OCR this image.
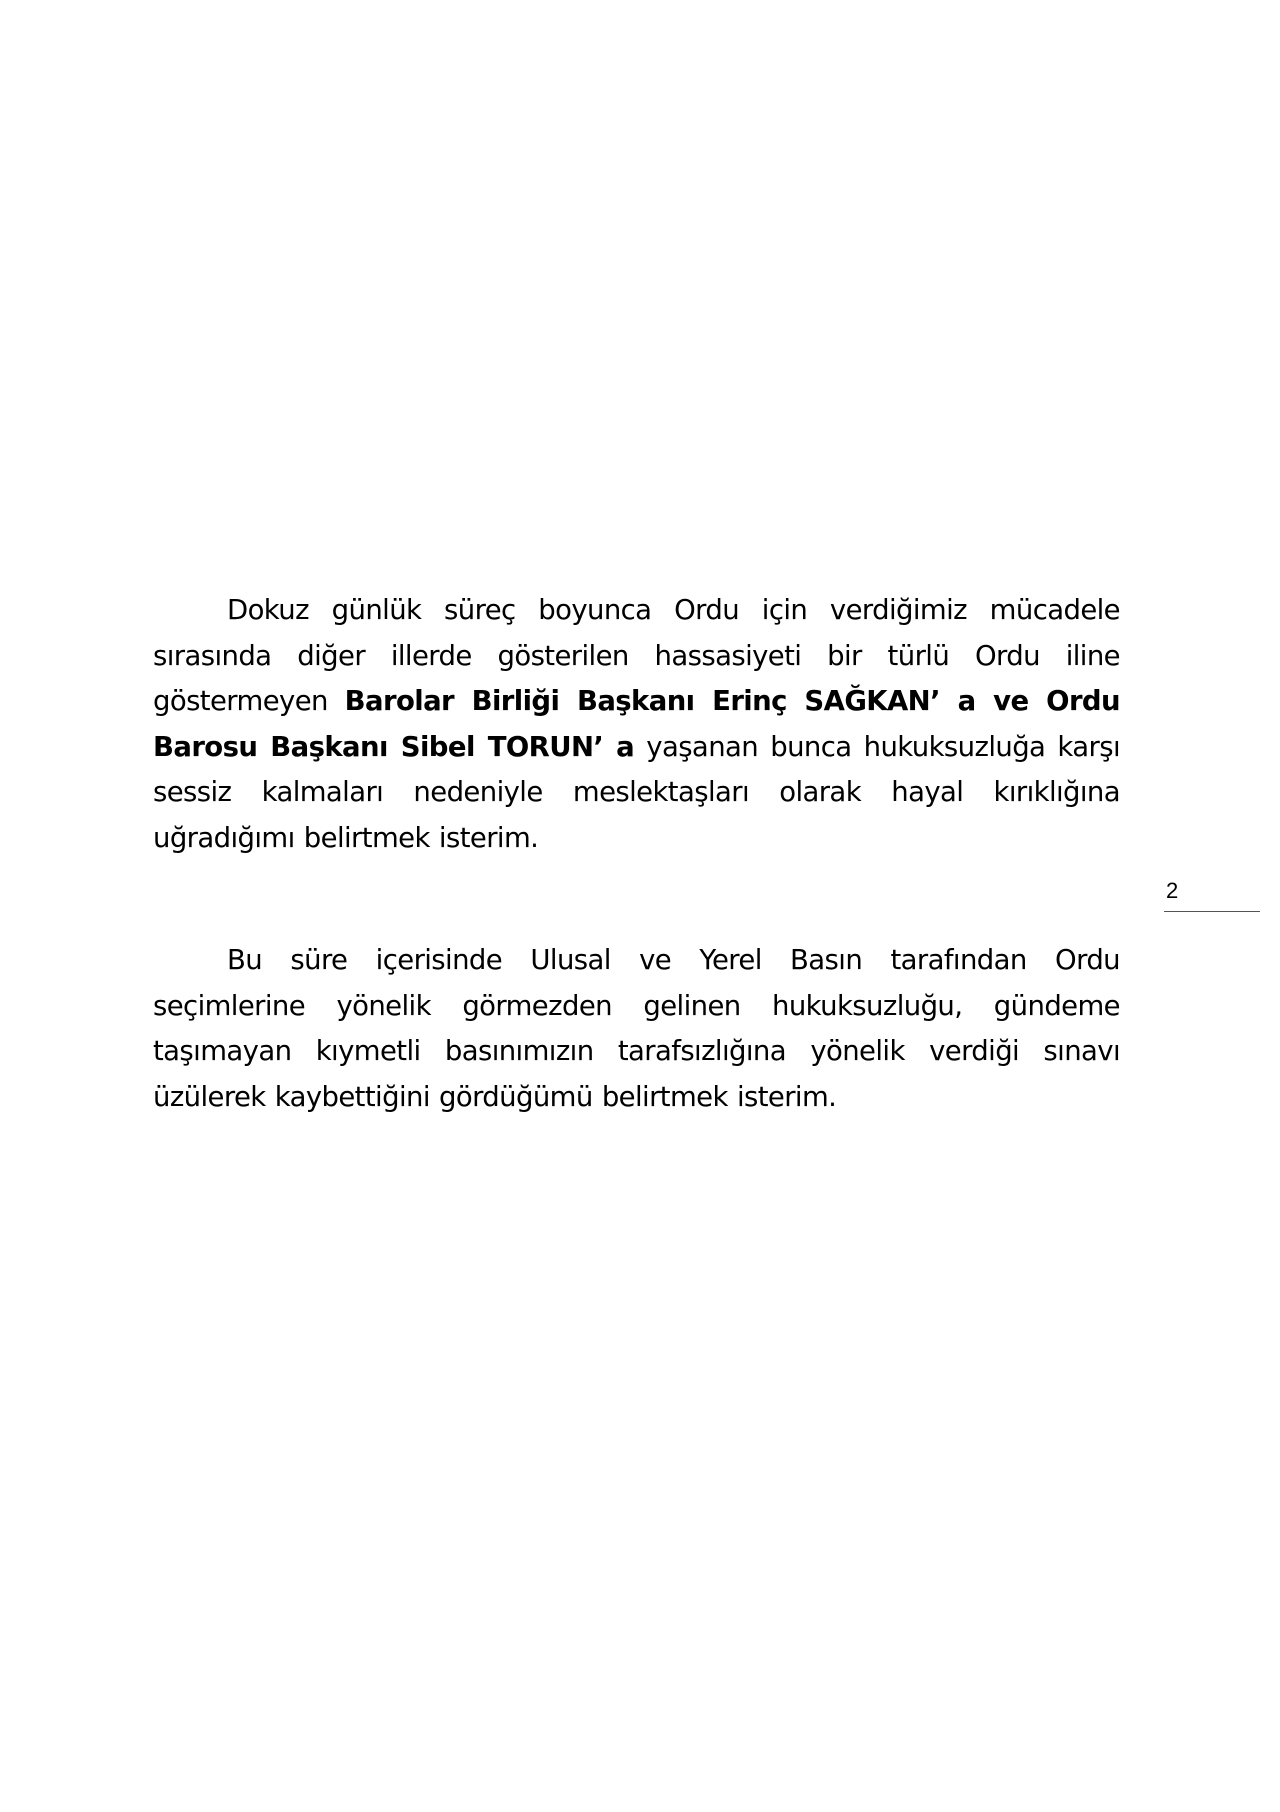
Dokuz günlük süreç boyunca Ordu için verdiğimiz mücadele sırasında diğer illerde gösterilen hassasiyeti bir türlü Ordu iline göstermeyen Barolar Birliği Başkanı Erinç SAĞKAN’ a ve Ordu Barosu Başkanı Sibel TORUN’ a yaşanan bunca hukuksuzluğa karşı sessiz kalmaları nedeniyle meslektaşları olarak hayal kırıklığına uğradığımı belirtmek isterim.

2

Bu süre içerisinde Ulusal ve Yerel Basın tarafından Ordu seçimlerine yönelik görmezden gelinen hukuksuzluğu, gündeme taşımayan kıymetli basınımızın tarafsızlığına yönelik verdiği sınavı üzülerek kaybettiğini gördüğümü belirtmek isterim.
